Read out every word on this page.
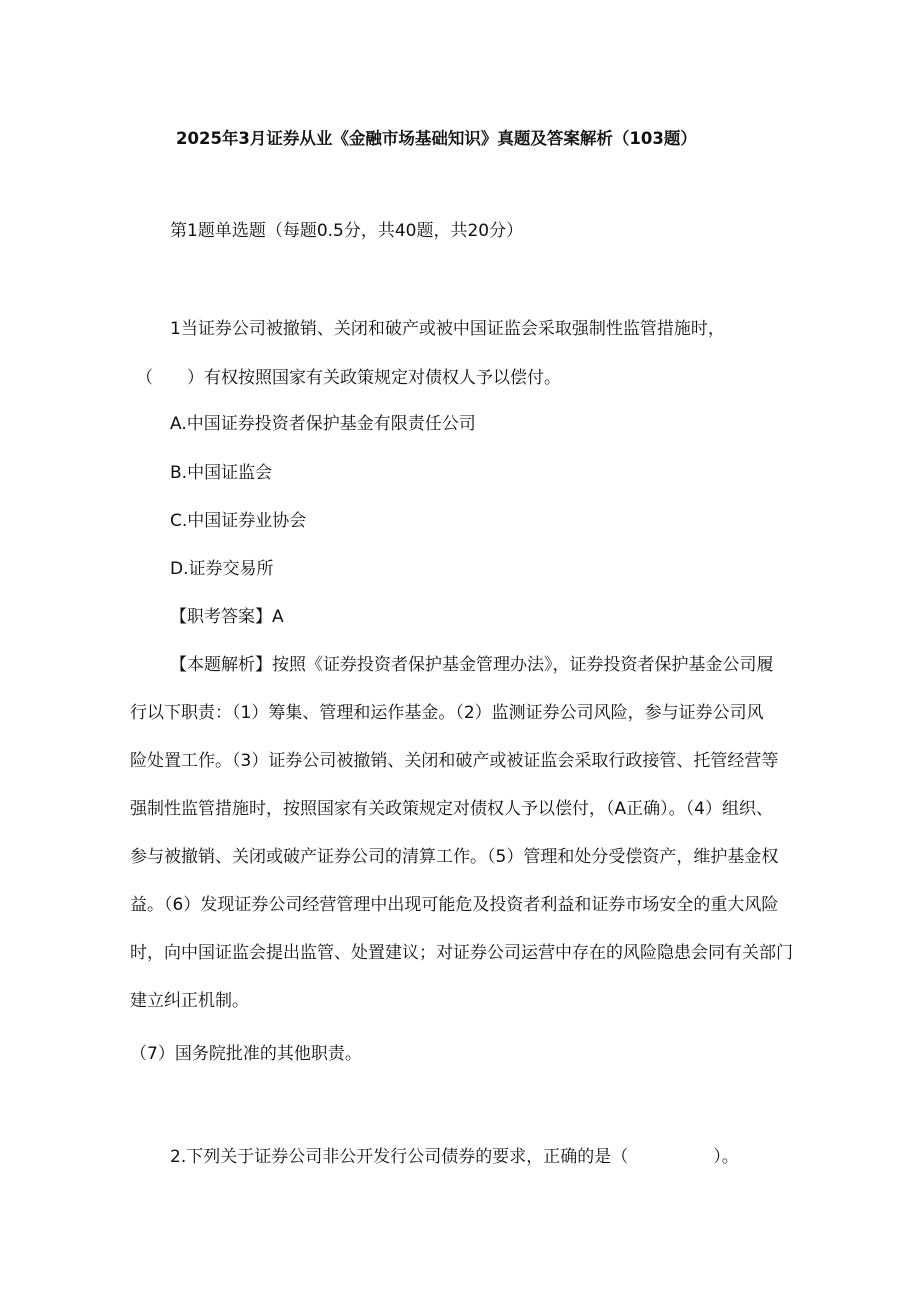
2025年3月证券从业《金融市场基础知识》真题及答案解析（103题）
第1题单选题（每题0.5分，共40题，共20分）
1当证券公司被撤销、关闭和破产或被中国证监会采取强制性监管措施时，
（　　）有权按照国家有关政策规定对债权人予以偿付。
A.中国证券投资者保护基金有限责任公司
B.中国证监会
C.中国证券业协会
D.证券交易所
【职考答案】A
【本题解析】按照《证券投资者保护基金管理办法》，证券投资者保护基金公司履
行以下职责：（1）筹集、管理和运作基金。（2）监测证券公司风险，参与证券公司风
险处置工作。（3）证券公司被撤销、关闭和破产或被证监会采取行政接管、托管经营等
强制性监管措施时，按照国家有关政策规定对债权人予以偿付，（A正确）。（4）组织、
参与被撤销、关闭或破产证券公司的清算工作。（5）管理和处分受偿资产，维护基金权
益。（6）发现证券公司经营管理中出现可能危及投资者利益和证券市场安全的重大风险
时，向中国证监会提出监管、处置建议；对证券公司运营中存在的风险隐患会同有关部门
建立纠正机制。
（7）国务院批准的其他职责。
2.下列关于证券公司非公开发行公司债券的要求，正确的是（　　　　　）。
